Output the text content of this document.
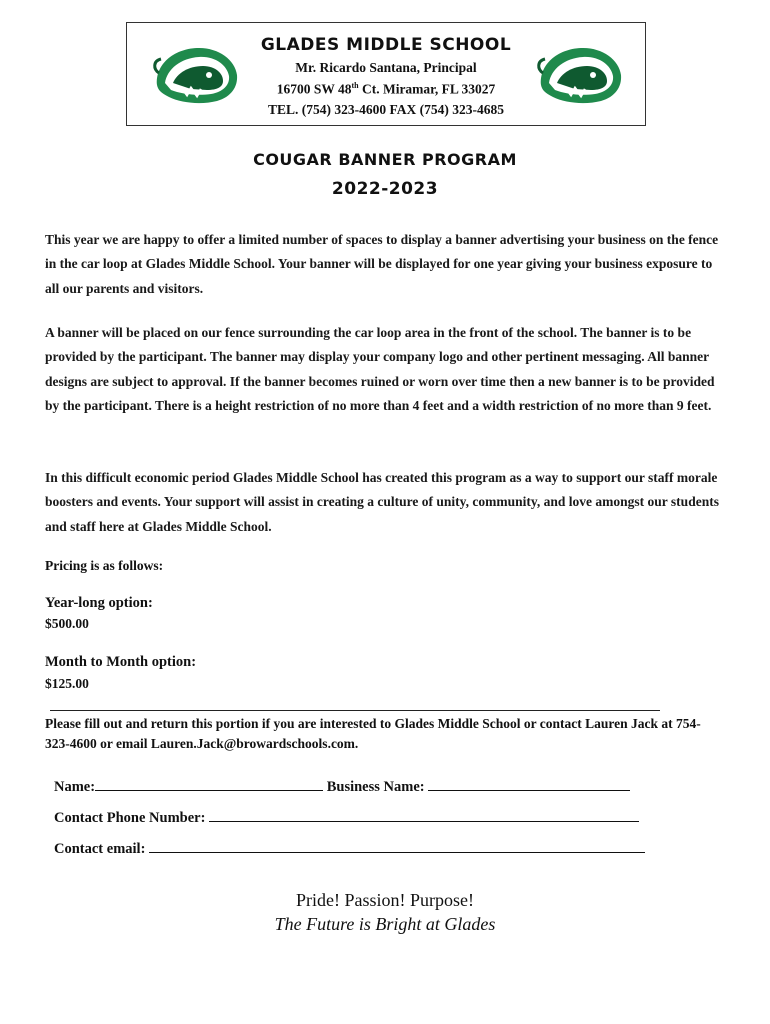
GLADES MIDDLE SCHOOL
Mr. Ricardo Santana, Principal
16700 SW 48th Ct. Miramar, FL 33027
TEL. (754) 323-4600 FAX (754) 323-4685
COUGAR BANNER PROGRAM
2022-2023

This year we are happy to offer a limited number of spaces to display a banner advertising your business on the fence in the car loop at Glades Middle School. Your banner will be displayed for one year giving your business exposure to all our parents and visitors.

A banner will be placed on our fence surrounding the car loop area in the front of the school. The banner is to be provided by the participant. The banner may display your company logo and other pertinent messaging. All banner designs are subject to approval. If the banner becomes ruined or worn over time then a new banner is to be provided by the participant. There is a height restriction of no more than 4 feet and a width restriction of no more than 9 feet.

In this difficult economic period Glades Middle School has created this program as a way to support our staff morale boosters and events. Your support will assist in creating a culture of unity, community, and love amongst our students and staff here at Glades Middle School.

Pricing is as follows:
Year-long option:
$500.00
Month to Month option:
$125.00

Please fill out and return this portion if you are interested to Glades Middle School or contact Lauren Jack at 754-323-4600 or email Lauren.Jack@browardschools.com.

Name:	Business Name:
Contact Phone Number:
Contact email:
Pride! Passion! Purpose!
The Future is Bright at Glades
